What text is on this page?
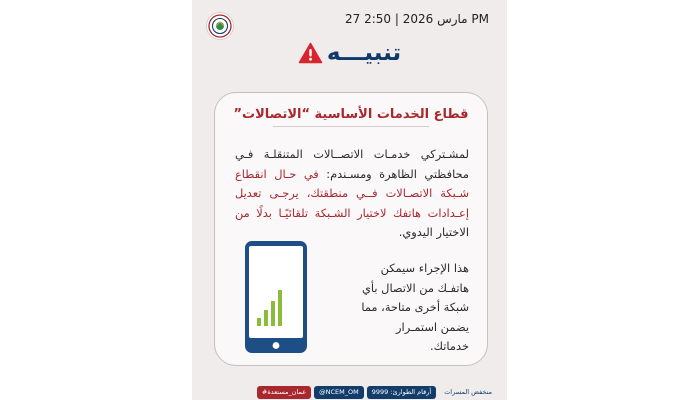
27 مارس 2026 | 2:50 PM
تنبيـــه
قطاع الخدمات الأساسية “الاتصالات”
لمشـتركي خدمـات الاتصــالات المتنقلـة فـي محافظتي الظاهرة ومسـندم: في حـال انقطاع شـبكة الاتصـالات فــي منطقتك، يرجـى تعديل إعـدادات هاتفك لاختيار الشـبكة تلقائيًـا بدلًا من الاختيار اليدوي.
هذا الإجراء سيمكن هاتفـك من الاتصال بأي شبكة أخرى متاحة، مما يضمن استمـرار خدماتك.
منخفض المسرات
أرقام الطوارئ: 9999
@NCEM_OM
#عمان_مستعدة
